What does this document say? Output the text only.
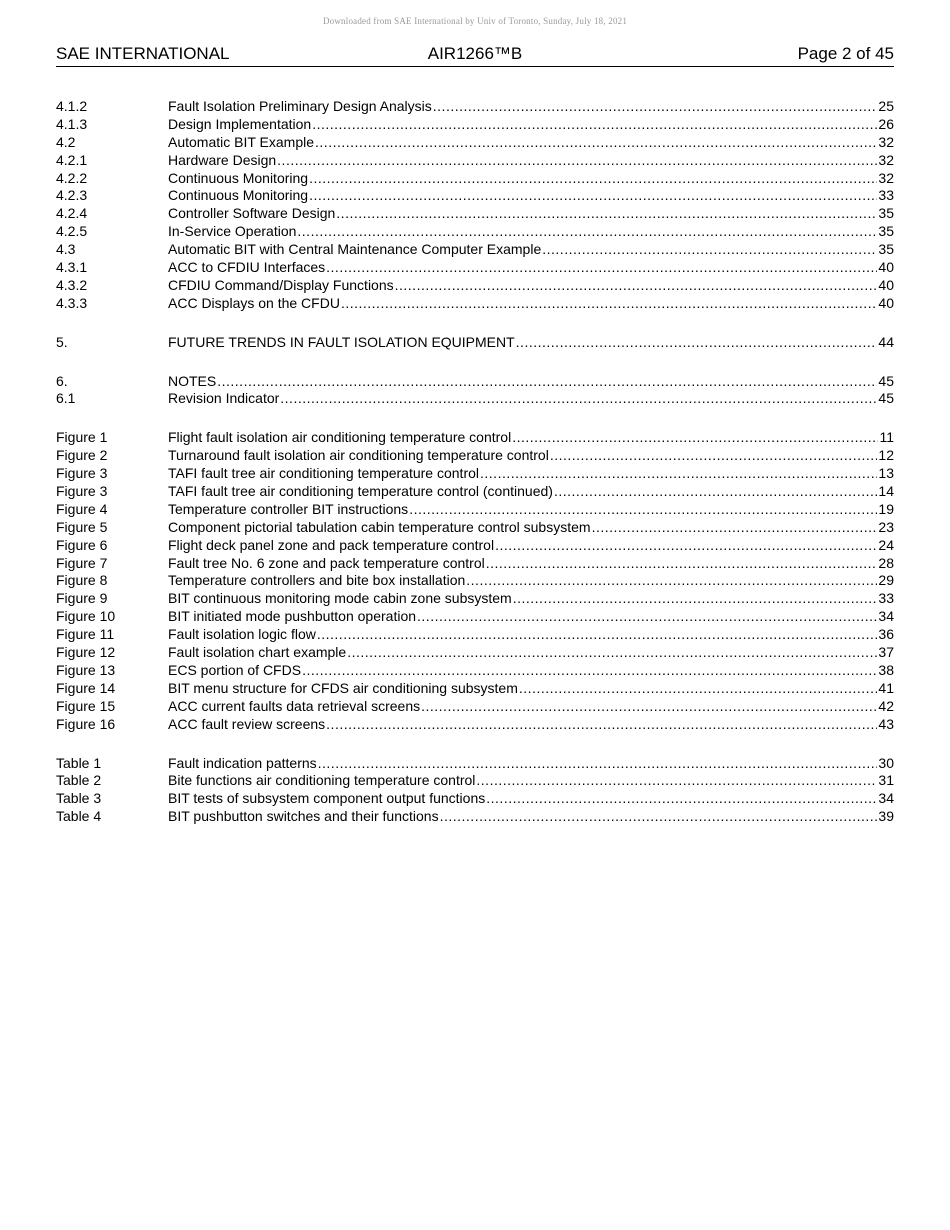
Downloaded from SAE International by Univ of Toronto, Sunday, July 18, 2021
SAE INTERNATIONAL	AIR1266™B	Page 2 of 45
4.1.2	Fault Isolation Preliminary Design Analysis .....	25
4.1.3	Design Implementation .....	26
4.2	Automatic BIT Example .....	32
4.2.1	Hardware Design .....	32
4.2.2	Continuous Monitoring .....	32
4.2.3	Continuous Monitoring .....	33
4.2.4	Controller Software Design .....	35
4.2.5	In-Service Operation .....	35
4.3	Automatic BIT with Central Maintenance Computer Example .....	35
4.3.1	ACC to CFDIU Interfaces .....	40
4.3.2	CFDIU Command/Display Functions .....	40
4.3.3	ACC Displays on the CFDU .....	40
5.	FUTURE TRENDS IN FAULT ISOLATION EQUIPMENT .....	44
6.	NOTES .....	45
6.1	Revision Indicator .....	45
Figure 1	Flight fault isolation air conditioning temperature control .....	11
Figure 2	Turnaround fault isolation air conditioning temperature control .....	12
Figure 3	TAFI fault tree air conditioning temperature control .....	13
Figure 3	TAFI fault tree air conditioning temperature control (continued) .....	14
Figure 4	Temperature controller BIT instructions .....	19
Figure 5	Component pictorial tabulation cabin temperature control subsystem .....	23
Figure 6	Flight deck panel zone and pack temperature control .....	24
Figure 7	Fault tree No. 6 zone and pack temperature control .....	28
Figure 8	Temperature controllers and bite box installation .....	29
Figure 9	BIT continuous monitoring mode cabin zone subsystem .....	33
Figure 10	BIT initiated mode pushbutton operation .....	34
Figure 11	Fault isolation logic flow .....	36
Figure 12	Fault isolation chart example .....	37
Figure 13	ECS portion of CFDS .....	38
Figure 14	BIT menu structure for CFDS air conditioning subsystem .....	41
Figure 15	ACC current faults data retrieval screens .....	42
Figure 16	ACC fault review screens .....	43
Table 1	Fault indication patterns .....	30
Table 2	Bite functions air conditioning temperature control .....	31
Table 3	BIT tests of subsystem component output functions .....	34
Table 4	BIT pushbutton switches and their functions .....	39
